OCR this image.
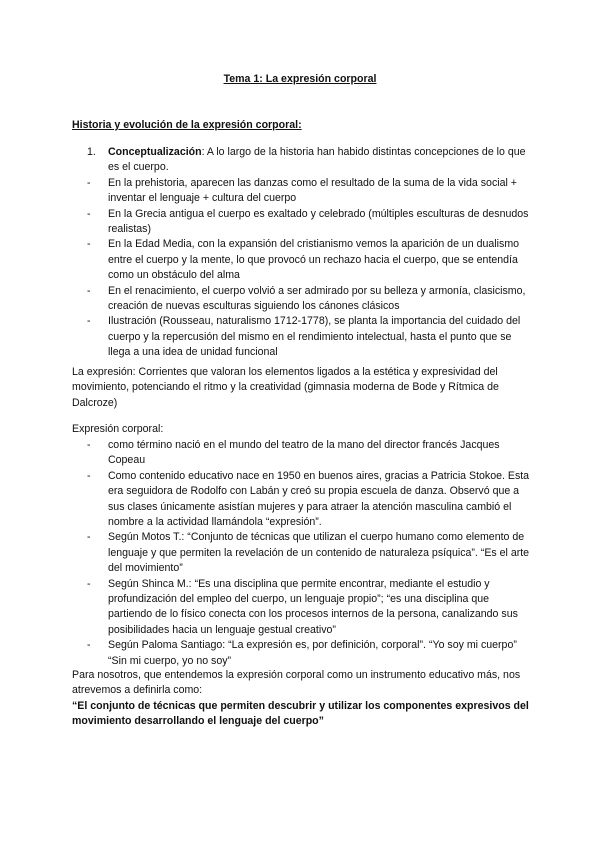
Tema 1: La expresión corporal
Historia y evolución de la expresión corporal:
1.	Conceptualización: A lo largo de la historia han habido distintas concepciones de lo que es el cuerpo.
-	En la prehistoria, aparecen las danzas como el resultado de la suma de la vida social + inventar el lenguaje + cultura del cuerpo
-	En la Grecia antigua el cuerpo es exaltado y celebrado (múltiples esculturas de desnudos realistas)
-	En la Edad Media, con la expansión del cristianismo vemos la aparición de un dualismo entre el cuerpo y la mente, lo que provocó un rechazo hacia el cuerpo, que se entendía como un obstáculo del alma
-	En el renacimiento, el cuerpo volvió a ser admirado por su belleza y armonía, clasicismo, creación de nuevas esculturas siguiendo los cánones clásicos
-	Ilustración (Rousseau, naturalismo 1712-1778), se planta la importancia del cuidado del cuerpo y la repercusión del mismo en el rendimiento intelectual, hasta el punto que se llega a una idea de unidad funcional
La expresión: Corrientes que valoran los elementos ligados a la estética y expresividad del movimiento, potenciando el ritmo y la creatividad (gimnasia moderna de Bode y Rítmica de Dalcroze)
Expresión corporal:
-	como término nació en el mundo del teatro de la mano del director francés Jacques Copeau
-	Como contenido educativo nace en 1950 en buenos aires, gracias a Patricia Stokoe. Esta era seguidora de Rodolfo con Labán y creó su propia escuela de danza. Observó que a sus clases únicamente asistían mujeres y para atraer la atención masculina cambió el nombre a la actividad llamándola “expresión”.
-	Según Motos T.: “Conjunto de técnicas que utilizan el cuerpo humano como elemento de lenguaje y que permiten la revelación de un contenido de naturaleza psíquica”. “Es el arte del movimiento”
-	Según Shinca M.: “Es una disciplina que permite encontrar, mediante el estudio y profundización del empleo del cuerpo, un lenguaje propio”; “es una disciplina que partiendo de lo físico conecta con los procesos internos de la persona, canalizando sus posibilidades hacia un lenguaje gestual creativo”
-	Según Paloma Santiago: “La expresión es, por definición, corporal”. “Yo soy mi cuerpo” “Sin mi cuerpo, yo no soy”
Para nosotros, que entendemos la expresión corporal como un instrumento educativo más, nos atrevemos a definirla como:
“El conjunto de técnicas que permiten descubrir y utilizar los componentes expresivos del movimiento desarrollando el lenguaje del cuerpo”
